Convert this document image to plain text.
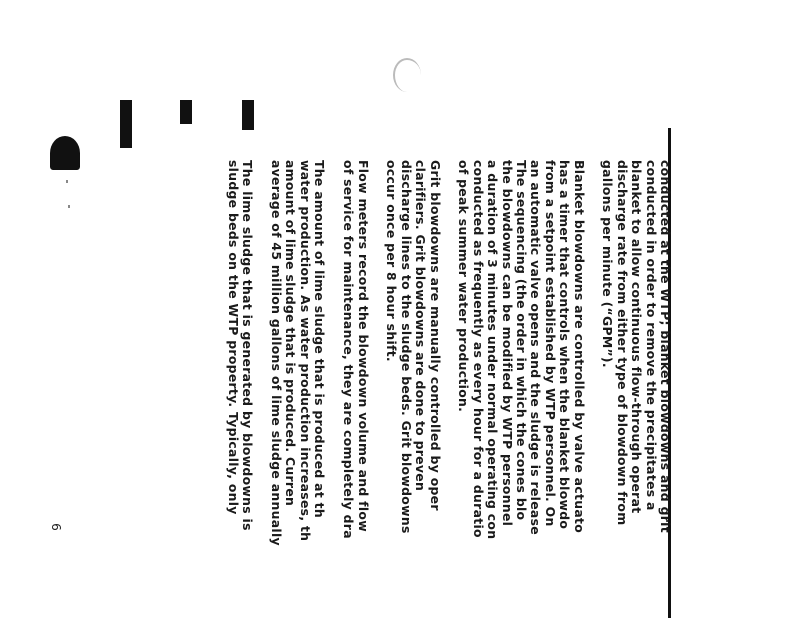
conducted at the WTP; blanket blowdowns and grit
conducted in order to remove the precipitates a
blanket to allow continuous flow-through operat
discharge rate from either type of blowdown from
gallons per minute (“GPM”).

Blanket blowdowns are controlled by valve actuato
has a timer that controls when the blanket blowdo
from a setpoint established by WTP personnel. On
an automatic valve opens and the sludge is release
The sequencing (the order in which the cones blo
the blowdowns can be modified by WTP personnel
a duration of 3 minutes under normal operating con
conducted as frequently as every hour for a duratio
of peak summer water production.

Grit blowdowns are manually controlled by oper
clarifiers. Grit blowdowns are done to preven
discharge lines to the sludge beds. Grit blowdowns
occur once per 8 hour shift.

Flow meters record the blowdown volume and flow
of service for maintenance, they are completely dra

The amount of lime sludge that is produced at th
water production. As water production increases, th
amount of lime sludge that is produced. Curren
average of 45 million gallons of lime sludge annually

The lime sludge that is generated by blowdowns is
sludge beds on the WTP property. Typically, only

6
